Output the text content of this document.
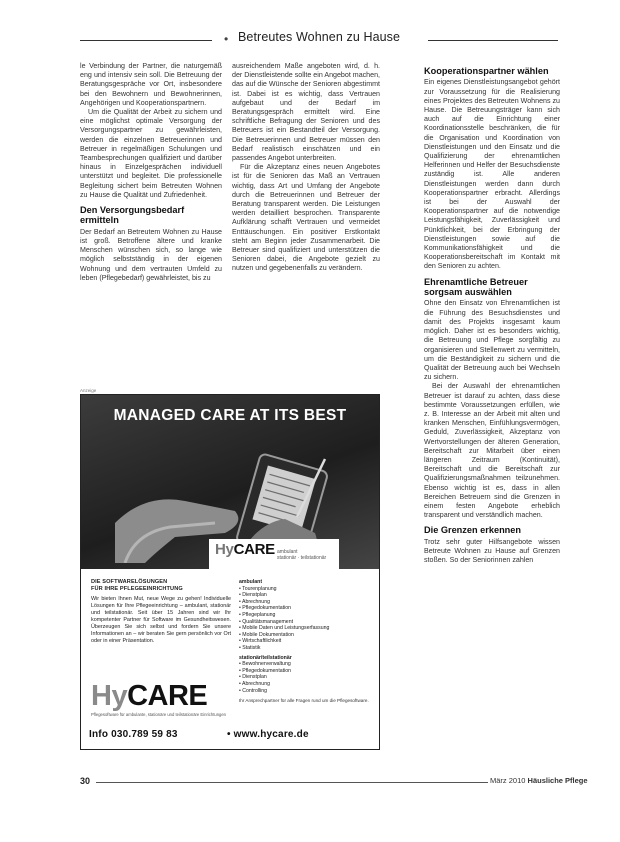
• Betreutes Wohnen zu Hause

le Verbindung der Partner, die naturgemäß eng und intensiv sein soll. Die Betreuung der Beratungsgespräche vor Ort, insbesondere bei den Bewohnern und Bewohnerinnen, Angehörigen und Kooperationspartnern.

Um die Qualität der Arbeit zu sichern und eine möglichst optimale Versorgung der Versorgungspartner zu gewährleisten, werden die einzelnen Betreuerinnen und Betreuer in regelmäßigen Schulungen und Teambesprechungen qualifiziert und darüber hinaus in Einzelgesprächen individuell unterstützt und begleitet. Die professionelle Begleitung sichert beim Betreuten Wohnen zu Hause die Qualität und Zufriedenheit.

Den Versorgungsbedarf ermitteln

Der Bedarf an Betreutem Wohnen zu Hause ist groß. Betroffene ältere und kranke Menschen wünschen sich, so lange wie möglich selbstständig in der eigenen Wohnung und dem vertrauten Umfeld zu leben (Pflegebedarf) gewährleistet, bis zu

ausreichendem Maße angeboten wird, d. h. der Dienstleistende sollte ein Angebot machen, das auf die Wünsche der Senioren abgestimmt ist. Dabei ist es wichtig, dass Vertrauen aufgebaut und der Bedarf im Beratungsgespräch ermittelt wird. Eine schriftliche Befragung der Senioren und des Betreuers ist ein Bestandteil der Versorgung. Die Betreuerinnen und Betreuer müssen den Bedarf realistisch einschätzen und ein passendes Angebot unterbreiten.

Für die Akzeptanz eines neuen Angebotes ist für die Senioren das Maß an Vertrauen wichtig, dass Art und Umfang der Angebote durch die Betreuerinnen und Betreuer der Beratung transparent werden. Die Leistungen werden detailliert besprochen. Transparente Aufklärung schafft Vertrauen und vermeidet Enttäuschungen. Ein positiver Erstkontakt steht am Beginn jeder Zusammenarbeit. Die Betreuer sind qualifiziert und unterstützen die Senioren dabei, die Angebote gezielt zu nutzen und gegebenenfalls zu verändern.

Kooperationspartner wählen

Ein eigenes Dienstleistungsangebot gehört zur Voraussetzung für die Realisierung eines Projektes des Betreuten Wohnens zu Hause. Die Betreuungsträger kann sich auch auf die Einrichtung einer Koordinationsstelle beschränken, die für die Organisation und Koordination von Dienstleistungen und den Einsatz und die Qualifizierung der ehrenamtlichen Helferinnen und Helfer der Besuchsdienste zuständig ist. Alle anderen Dienstleistungen werden dann durch Kooperationspartner erbracht. Allerdings ist bei der Auswahl der Kooperationspartner auf die notwendige Leistungsfähigkeit, Zuverlässigkeit und Pünktlichkeit, bei der Erbringung der Dienstleistungen sowie auf die Kommunikationsfähigkeit und die Kooperationsbereitschaft im Kontakt mit den Senioren zu achten.

Ehrenamtliche Betreuer sorgsam auswählen

Ohne den Einsatz von Ehrenamtlichen ist die Führung des Besuchsdienstes und damit des Projekts insgesamt kaum möglich. Daher ist es besonders wichtig, die Betreuung und Pflege sorgfältig zu organisieren und Stellenwert zu vermitteln, um die Beständigkeit zu sichern und die Qualität der Betreuung auch bei Wechseln zu sichern.

Bei der Auswahl der ehrenamtlichen Betreuer ist darauf zu achten, dass diese bestimmte Voraussetzungen erfüllen, wie z. B. Interesse an der Arbeit mit alten und kranken Menschen, Einfühlungsvermögen, Geduld, Zuverlässigkeit, Akzeptanz von Wertvorstellungen der älteren Generation, Bereitschaft zur Mitarbeit über einen längeren Zeitraum (Kontinuität), Bereitschaft und die Bereitschaft zur Qualifizierungsmaßnahmen teilzunehmen. Ebenso wichtig ist es, dass in allen Bereichen Betreuern sind die Grenzen in einem festen Angebote erheblich transparent und verständlich machen.

Die Grenzen erkennen

Trotz sehr guter Hilfsangebote wissen Betreute Wohnen zu Hause auf Grenzen stoßen. So der Seniorinnen zahlen

Anzeige
MANAGED CARE AT ITS BEST
HyCARE ambulant
stationär · teilstationär
DIE SOFTWARELÖSUNGEN
FÜR IHRE PFLEGEEINRICHTUNG

Wir bieten Ihnen Mut, neue Wege zu gehen! Individuelle Lösungen für Ihre Pflegeeinrichtung – ambulant, stationär und teilstationär. Seit über 15 Jahren sind wir Ihr kompetenter Partner für Software im Gesundheitswesen. Überzeugen Sie sich selbst und fordern Sie unsere Informationen an – wir beraten Sie gern persönlich vor Ort oder in einer Präsentation.

ambulant
• Tourenplanung
• Dienstplan
• Abrechnung
• Pflegedokumentation
• Pflegeplanung
• Qualitätsmanagement
• Mobile Daten und Leistungserfassung
• Mobile Dokumentation
• Wirtschaftlichkeit
• Statistik
stationär/teilstationär
• Bewohnerverwaltung
• Pflegedokumentation
• Dienstplan
• Abrechnung
• Controlling
Ihr Ansprechpartner für alle Fragen rund um die Pflegesoftware.
HyCARE
Pflegesoftware für ambulante, stationäre und teilstationäre Einrichtungen
Info 030.789 59 83	• www.hycare.de
30	März 2010 Häusliche Pflege
